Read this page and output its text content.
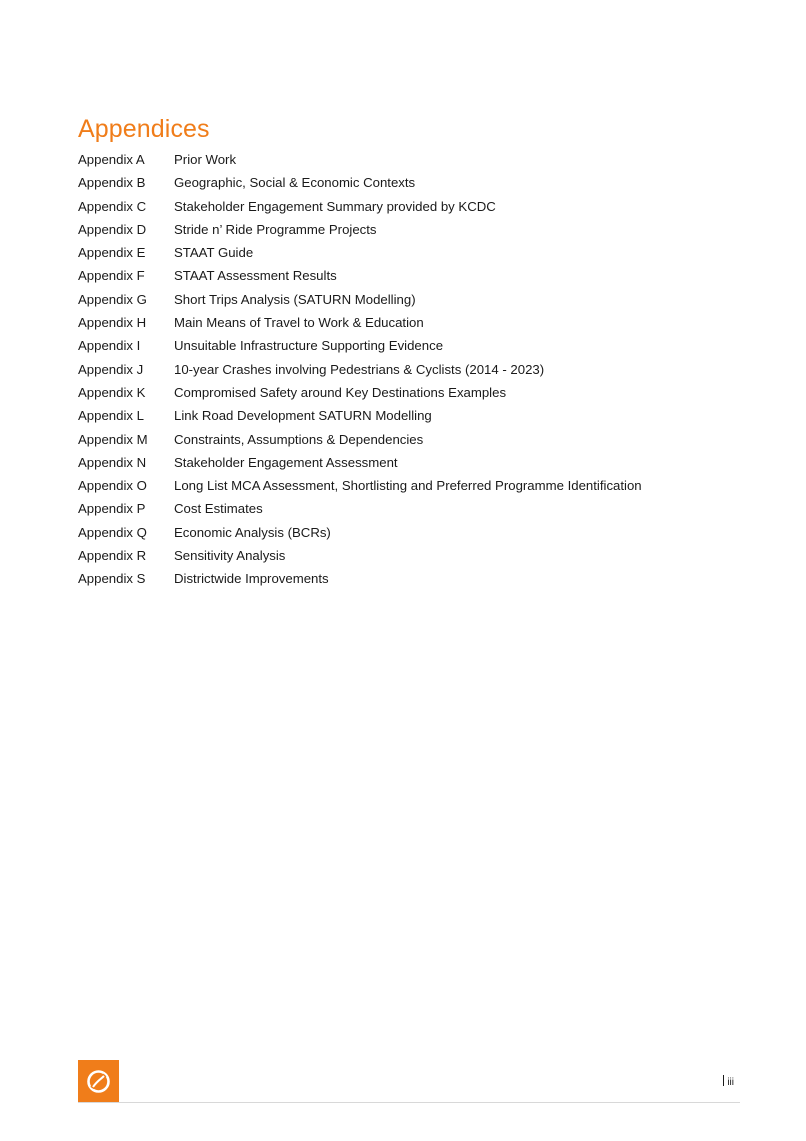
Appendices
Appendix A	Prior Work
Appendix B	Geographic, Social & Economic Contexts
Appendix C	Stakeholder Engagement Summary provided by KCDC
Appendix D	Stride n’ Ride Programme Projects
Appendix E	STAAT Guide
Appendix F	STAAT Assessment Results
Appendix G	Short Trips Analysis (SATURN Modelling)
Appendix H	Main Means of Travel to Work & Education
Appendix I	Unsuitable Infrastructure Supporting Evidence
Appendix J	10-year Crashes involving Pedestrians & Cyclists (2014 - 2023)
Appendix K	Compromised Safety around Key Destinations Examples
Appendix L	Link Road Development SATURN Modelling
Appendix M	Constraints, Assumptions & Dependencies
Appendix N	Stakeholder Engagement Assessment
Appendix O	Long List MCA Assessment, Shortlisting and Preferred Programme Identification
Appendix P	Cost Estimates
Appendix Q	Economic Analysis (BCRs)
Appendix R	Sensitivity Analysis
Appendix S	Districtwide Improvements
iii
